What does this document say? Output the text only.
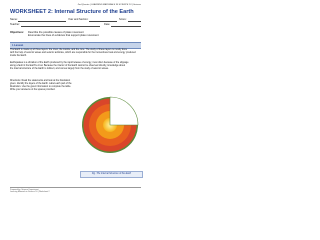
2nd Quarter | LEARNING MATERIALS IN SCIENCE 10 | Science
WORKSHEET 2: Internal Structure of the Earth
Name:	Year and Section:	Score:
Teacher:	Date:
Objectives: Describe the possible causes of plate movement
Enumerate the lines of evidence that support plate movement
I. Lesson
The Earth is made up of three layers: the crust, the mantle, and the core. The study of these layers is mostly done
with the help of seismic waves and seismic activities, which are responsible for the tremendous heat and energy produced
inside the Earth.
Earthquakes is a vibration of the Earth produced by the rapid release of energy, most often because of the slippage
along a fault in the Earth's crust. Because the interior of the Earth cannot be observed directly, knowledge about
the internal structure of the Earth is indirect, and comes largely from the study of seismic waves.
Directions: Read the statements and look at the illustration given. Identify the layers of the Earth. Label each part of the illustration. Use the given information to complete the table. Write your answers on the spaces provided.
Fig. The Internal Structure of the Earth
Prepared by: Science Department
Learning Materials in Science 10 | Worksheet 2
